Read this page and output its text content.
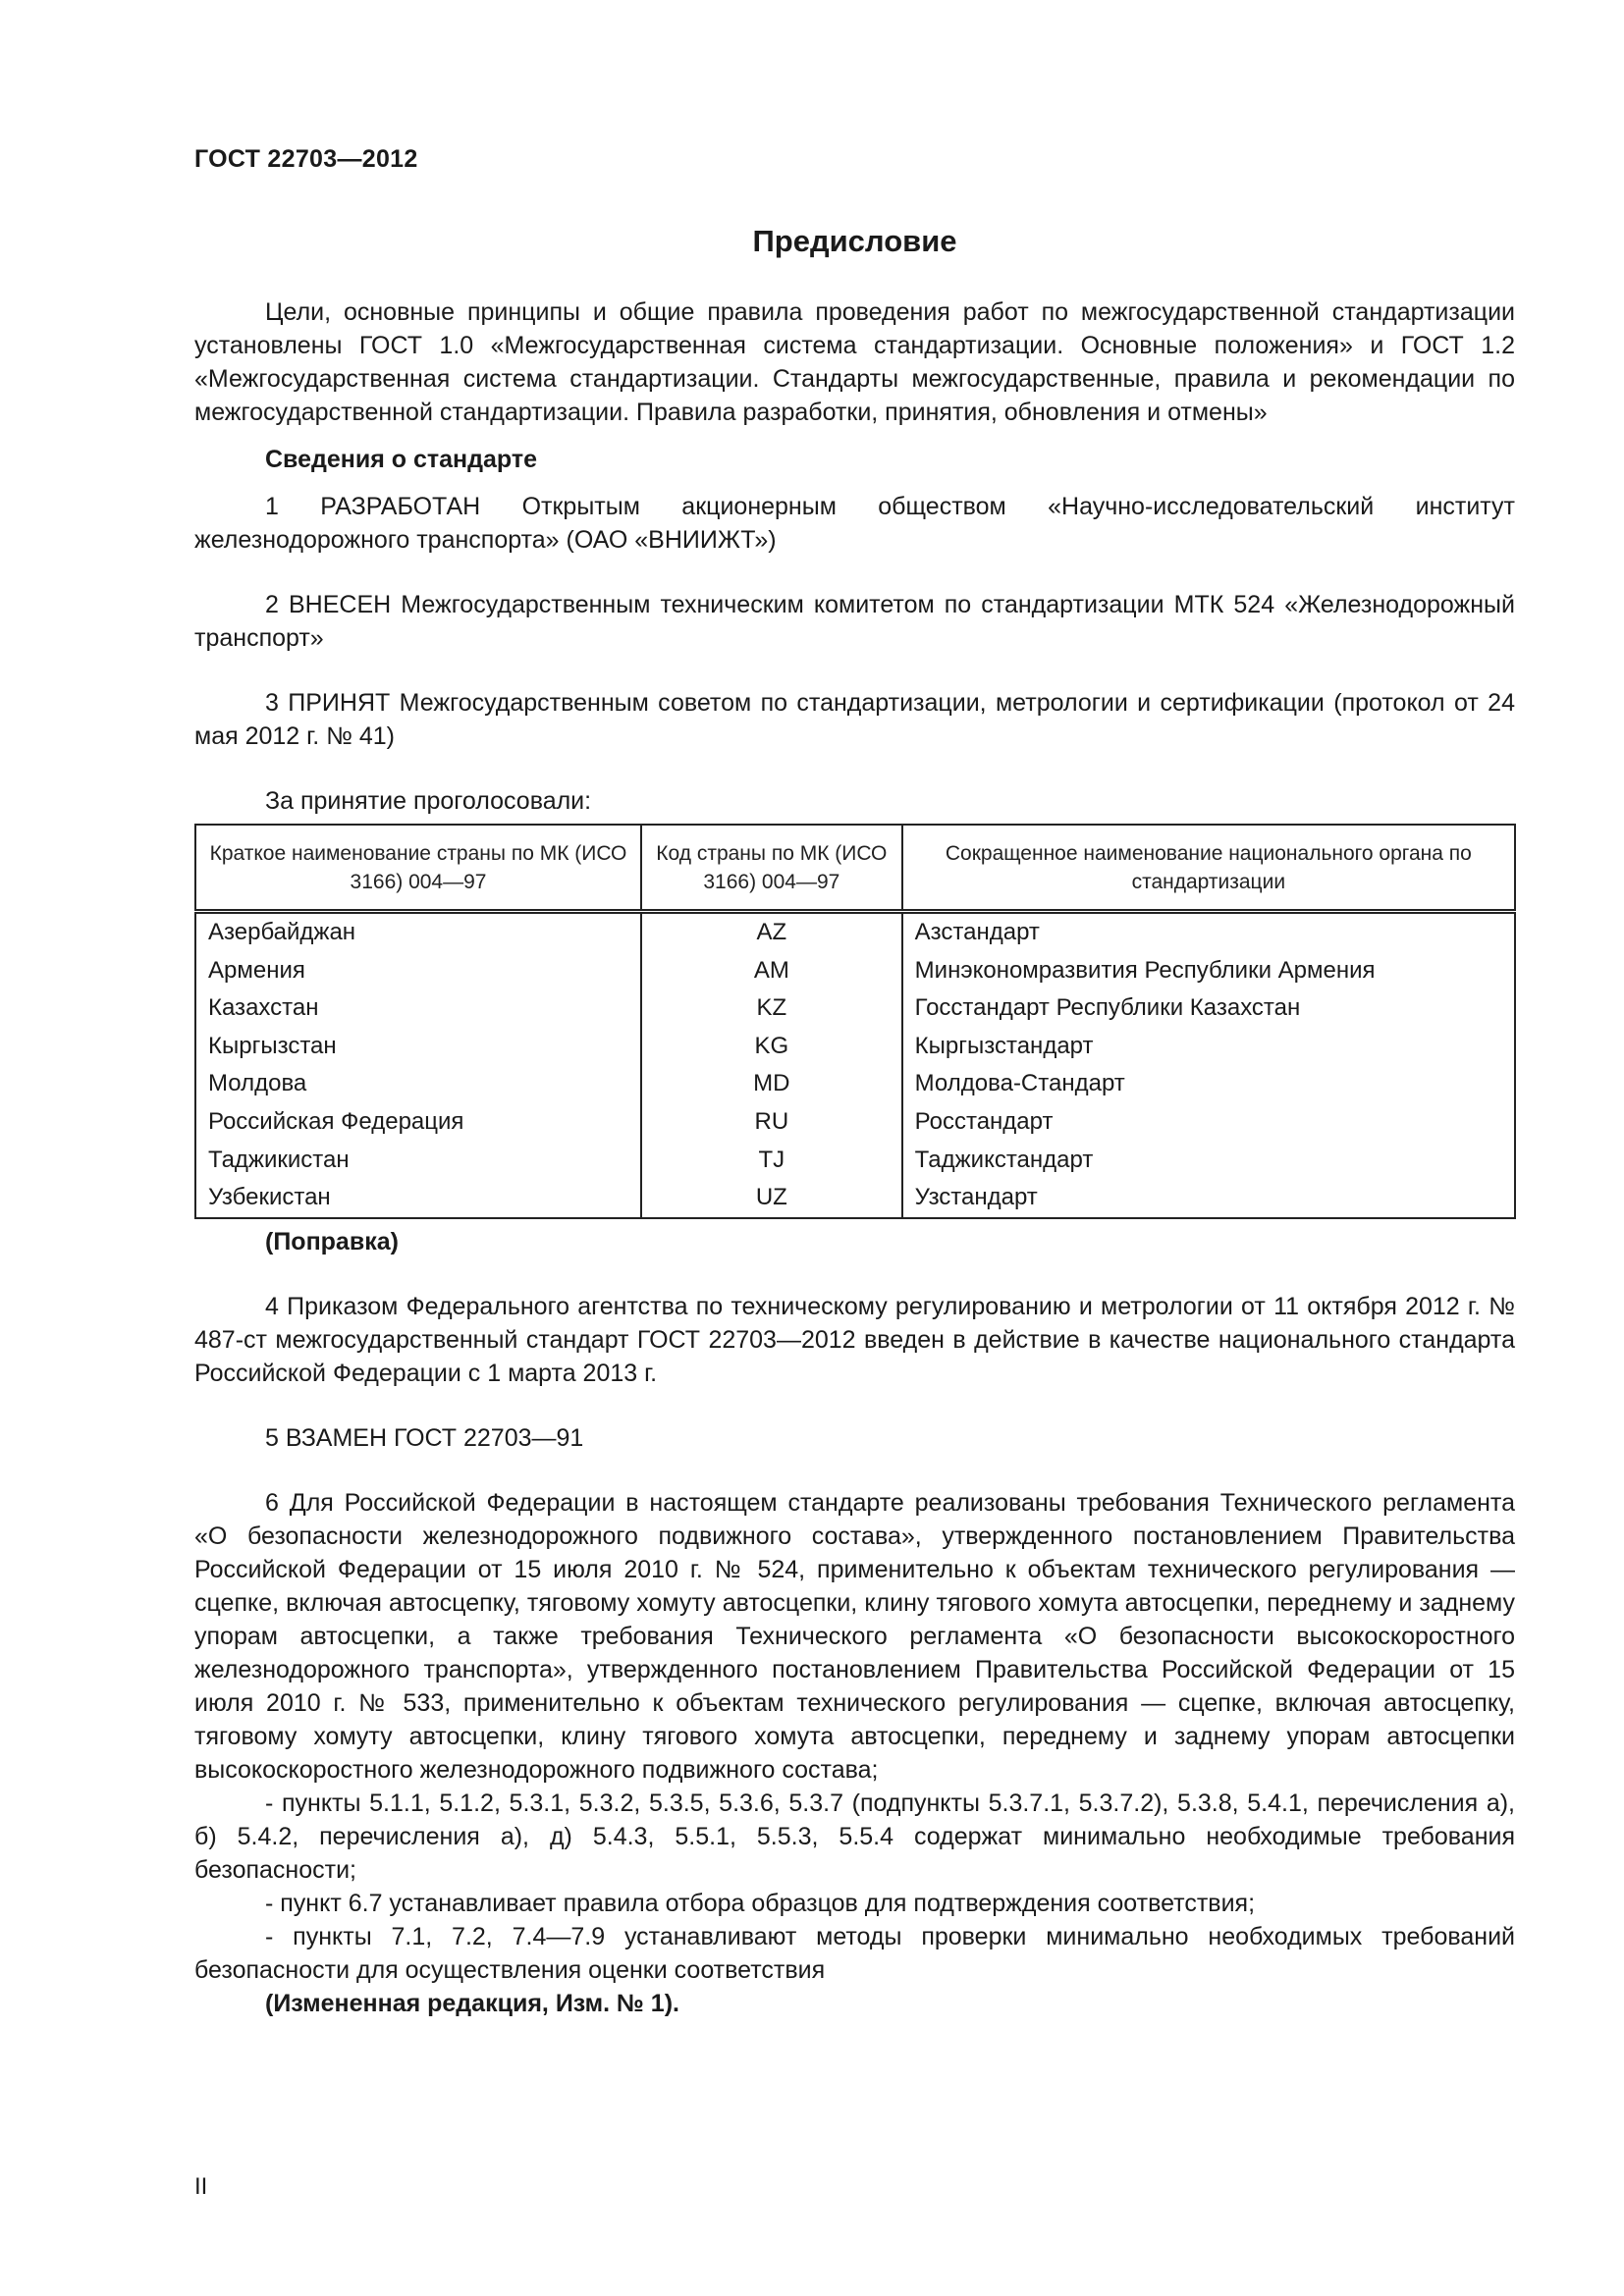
ГОСТ 22703—2012
Предисловие

Цели, основные принципы и общие правила проведения работ по межгосударственной стандартизации установлены ГОСТ 1.0 «Межгосударственная система стандартизации. Основные положения» и ГОСТ 1.2 «Межгосударственная система стандартизации. Стандарты межгосударственные, правила и рекомендации по межгосударственной стандартизации. Правила разработки, принятия, обновления и отмены»

Сведения о стандарте

1 РАЗРАБОТАН Открытым акционерным обществом «Научно-исследовательский институт железнодорожного транспорта» (ОАО «ВНИИЖТ»)

2 ВНЕСЕН Межгосударственным техническим комитетом по стандартизации МТК 524 «Железнодорожный транспорт»

3 ПРИНЯТ Межгосударственным советом по стандартизации, метрологии и сертификации (протокол от 24 мая 2012 г. № 41)

За принятие проголосовали:

Краткое наименование страны по МК (ИСО 3166) 004—97	Код страны по МК (ИСО 3166) 004—97	Сокращенное наименование национального органа по стандартизации
Азербайджан	AZ	Азстандарт
Армения	AM	Минэкономразвития Республики Армения
Казахстан	KZ	Госстандарт Республики Казахстан
Кыргызстан	KG	Кыргызстандарт
Молдова	MD	Молдова-Стандарт
Российская Федерация	RU	Росстандарт
Таджикистан	TJ	Таджикстандарт
Узбекистан	UZ	Узстандарт

(Поправка)

4 Приказом Федерального агентства по техническому регулированию и метрологии от 11 октября 2012 г. № 487-ст межгосударственный стандарт ГОСТ 22703—2012 введен в действие в качестве национального стандарта Российской Федерации с 1 марта 2013 г.

5 ВЗАМЕН ГОСТ 22703—91

6 Для Российской Федерации в настоящем стандарте реализованы требования Технического регламента «О безопасности железнодорожного подвижного состава», утвержденного постановлением Правительства Российской Федерации от 15 июля 2010 г. № 524, применительно к объектам технического регулирования — сцепке, включая автосцепку, тяговому хомуту автосцепки, клину тягового хомута автосцепки, переднему и заднему упорам автосцепки, а также требования Технического регламента «О безопасности высокоскоростного железнодорожного транспорта», утвержденного постановлением Правительства Российской Федерации от 15 июля 2010 г. № 533, применительно к объектам технического регулирования — сцепке, включая автосцепку, тяговому хомуту автосцепки, клину тягового хомута автосцепки, переднему и заднему упорам автосцепки высокоскоростного железнодорожного подвижного состава;

- пункты 5.1.1, 5.1.2, 5.3.1, 5.3.2, 5.3.5, 5.3.6, 5.3.7 (подпункты 5.3.7.1, 5.3.7.2), 5.3.8, 5.4.1, перечисления а), б) 5.4.2, перечисления а), д) 5.4.3, 5.5.1, 5.5.3, 5.5.4 содержат минимально необходимые требования безопасности;

- пункт 6.7 устанавливает правила отбора образцов для подтверждения соответствия;

- пункты 7.1, 7.2, 7.4—7.9 устанавливают методы проверки минимально необходимых требований безопасности для осуществления оценки соответствия

(Измененная редакция, Изм. № 1).

II
